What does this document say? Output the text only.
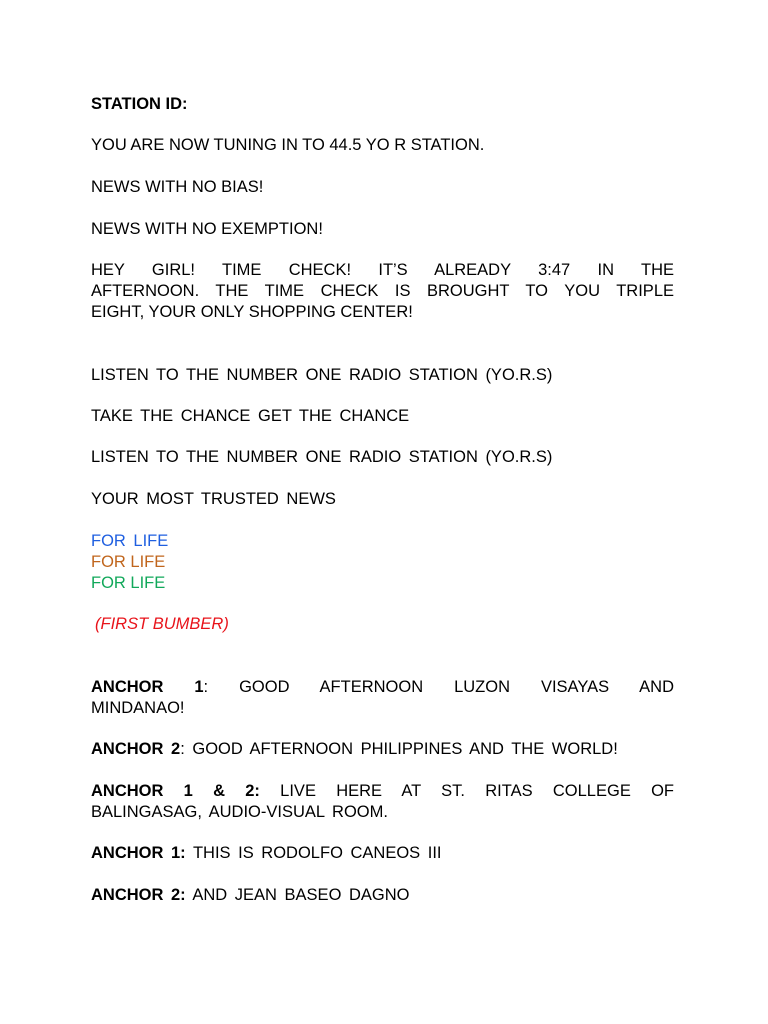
STATION ID:
YOU ARE NOW TUNING IN TO 44.5 YO R STATION.
NEWS WITH NO BIAS!
NEWS WITH NO EXEMPTION!
HEY GIRL! TIME CHECK! IT’S ALREADY 3:47 IN THE
AFTERNOON. THE TIME CHECK IS BROUGHT TO YOU TRIPLE
EIGHT, YOUR ONLY SHOPPING CENTER!
LISTEN TO THE NUMBER ONE RADIO STATION (YO.R.S)
TAKE THE CHANCE GET THE CHANCE
LISTEN TO THE NUMBER ONE RADIO STATION (YO.R.S)
YOUR MOST TRUSTED NEWS
FOR LIFE
FOR LIFE
FOR LIFE
(FIRST BUMBER)
ANCHOR 1: GOOD AFTERNOON LUZON VISAYAS AND
MINDANAO!
ANCHOR 2: GOOD AFTERNOON PHILIPPINES AND THE WORLD!
ANCHOR 1 & 2: LIVE HERE AT ST. RITAS COLLEGE OF
BALINGASAG, AUDIO-VISUAL ROOM.
ANCHOR 1: THIS IS RODOLFO CANEOS III
ANCHOR 2: AND JEAN BASEO DAGNO
